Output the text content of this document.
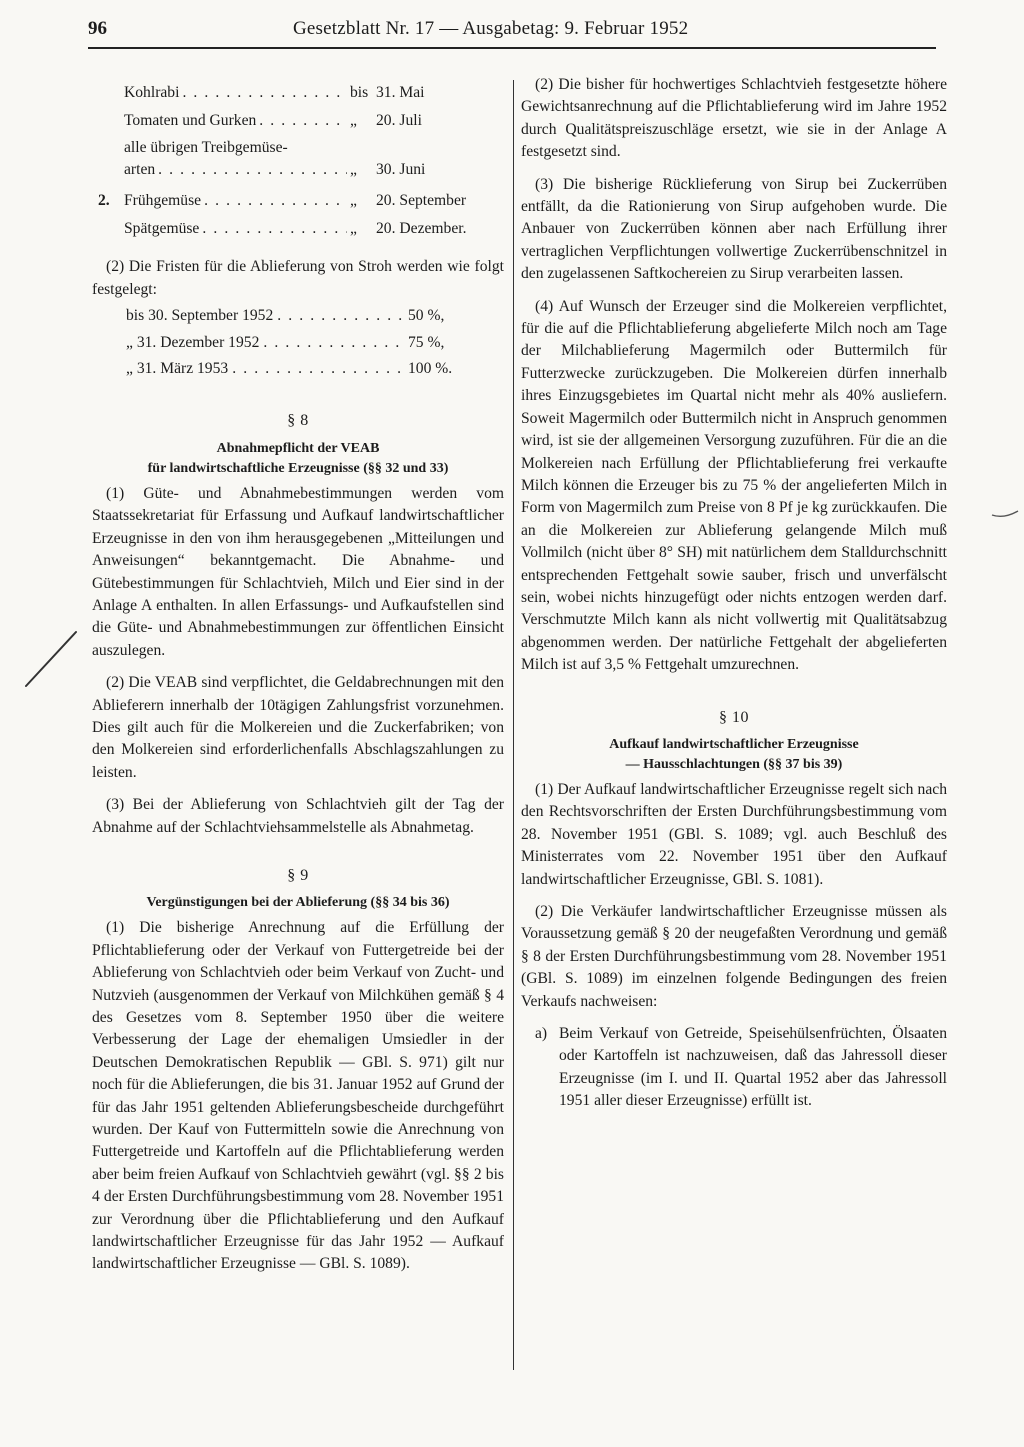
96	Gesetzblatt Nr. 17 — Ausgabetag: 9. Februar 1952
Kohlrabi . . .	bis 31. Mai
Tomaten und Gurken . . .	„	20. Juli
alle übrigen Treibgemüse-
arten . . .	„	30. Juni
2. Frühgemüse . . .	„	20. September
Spätgemüse . . .	„	20. Dezember.

(2) Die Fristen für die Ablieferung von Stroh werden wie folgt festgelegt:

bis 30. September 1952 . . .	50 %,
„ 31. Dezember 1952 . . .	75 %,
„ 31. März 1953 . . .	100 %.
§ 8
Abnahmepflicht der VEAB
für landwirtschaftliche Erzeugnisse (§§ 32 und 33)

(1) Güte- und Abnahmebestimmungen werden vom Staatssekretariat für Erfassung und Aufkauf landwirtschaftlicher Erzeugnisse in den von ihm herausgegebenen „Mitteilungen und Anweisungen“ bekanntgemacht. Die Abnahme- und Gütebestimmungen für Schlachtvieh, Milch und Eier sind in der Anlage A enthalten. In allen Erfassungs- und Aufkaufstellen sind die Güte- und Abnahmebestimmungen zur öffentlichen Einsicht auszulegen.

(2) Die VEAB sind verpflichtet, die Geldabrechnungen mit den Ablieferern innerhalb der 10tägigen Zahlungsfrist vorzunehmen. Dies gilt auch für die Molkereien und die Zuckerfabriken; von den Molkereien sind erforderlichenfalls Abschlagszahlungen zu leisten.

(3) Bei der Ablieferung von Schlachtvieh gilt der Tag der Abnahme auf der Schlachtviehsammelstelle als Abnahmetag.

§ 9
Vergünstigungen bei der Ablieferung (§§ 34 bis 36)

(1) Die bisherige Anrechnung auf die Erfüllung der Pflichtablieferung oder der Verkauf von Futtergetreide bei der Ablieferung von Schlachtvieh oder beim Verkauf von Zucht- und Nutzvieh (ausgenommen der Verkauf von Milchkühen gemäß § 4 des Gesetzes vom 8. September 1950 über die weitere Verbesserung der Lage der ehemaligen Umsiedler in der Deutschen Demokratischen Republik — GBl. S. 971) gilt nur noch für die Ablieferungen, die bis 31. Januar 1952 auf Grund der für das Jahr 1951 geltenden Ablieferungsbescheide durchgeführt wurden. Der Kauf von Futtermitteln sowie die Anrechnung von Futtergetreide und Kartoffeln auf die Pflichtablieferung werden aber beim freien Aufkauf von Schlachtvieh gewährt (vgl. §§ 2 bis 4 der Ersten Durchführungsbestimmung vom 28. November 1951 zur Verordnung über die Pflichtablieferung und den Aufkauf landwirtschaftlicher Erzeugnisse für das Jahr 1952 — Aufkauf landwirtschaftlicher Erzeugnisse — GBl. S. 1089).

(2) Die bisher für hochwertiges Schlachtvieh festgesetzte höhere Gewichtsanrechnung auf die Pflichtablieferung wird im Jahre 1952 durch Qualitätspreiszuschläge ersetzt, wie sie in der Anlage A festgesetzt sind.

(3) Die bisherige Rücklieferung von Sirup bei Zuckerrüben entfällt, da die Rationierung von Sirup aufgehoben wurde. Die Anbauer von Zuckerrüben können aber nach Erfüllung ihrer vertraglichen Verpflichtungen vollwertige Zuckerrübenschnitzel in den zugelassenen Saftkochereien zu Sirup verarbeiten lassen.

(4) Auf Wunsch der Erzeuger sind die Molkereien verpflichtet, für die auf die Pflichtablieferung abgelieferte Milch noch am Tage der Milchablieferung Magermilch oder Buttermilch für Futterzwecke zurückzugeben. Die Molkereien dürfen innerhalb ihres Einzugsgebietes im Quartal nicht mehr als 40% ausliefern. Soweit Magermilch oder Buttermilch nicht in Anspruch genommen wird, ist sie der allgemeinen Versorgung zuzuführen. Für die an die Molkereien nach Erfüllung der Pflichtablieferung frei verkaufte Milch können die Erzeuger bis zu 75 % der angelieferten Milch in Form von Magermilch zum Preise von 8 Pf je kg zurückkaufen. Die an die Molkereien zur Ablieferung gelangende Milch muß Vollmilch (nicht über 8° SH) mit natürlichem dem Stalldurchschnitt entsprechenden Fettgehalt sowie sauber, frisch und unverfälscht sein, wobei nichts hinzugefügt oder nichts entzogen werden darf. Verschmutzte Milch kann als nicht vollwertig mit Qualitätsabzug abgenommen werden. Der natürliche Fettgehalt der abgelieferten Milch ist auf 3,5 % Fettgehalt umzurechnen.

§ 10
Aufkauf landwirtschaftlicher Erzeugnisse
— Hausschlachtungen (§§ 37 bis 39)

(1) Der Aufkauf landwirtschaftlicher Erzeugnisse regelt sich nach den Rechtsvorschriften der Ersten Durchführungsbestimmung vom 28. November 1951 (GBl. S. 1089; vgl. auch Beschluß des Ministerrates vom 22. November 1951 über den Aufkauf landwirtschaftlicher Erzeugnisse, GBl. S. 1081).

(2) Die Verkäufer landwirtschaftlicher Erzeugnisse müssen als Voraussetzung gemäß § 20 der neugefaßten Verordnung und gemäß § 8 der Ersten Durchführungsbestimmung vom 28. November 1951 (GBl. S. 1089) im einzelnen folgende Bedingungen des freien Verkaufs nachweisen:

a) Beim Verkauf von Getreide, Speisehülsenfrüchten, Ölsaaten oder Kartoffeln ist nachzuweisen, daß das Jahressoll dieser Erzeugnisse (im I. und II. Quartal 1952 aber das Jahressoll 1951 aller dieser Erzeugnisse) erfüllt ist.
